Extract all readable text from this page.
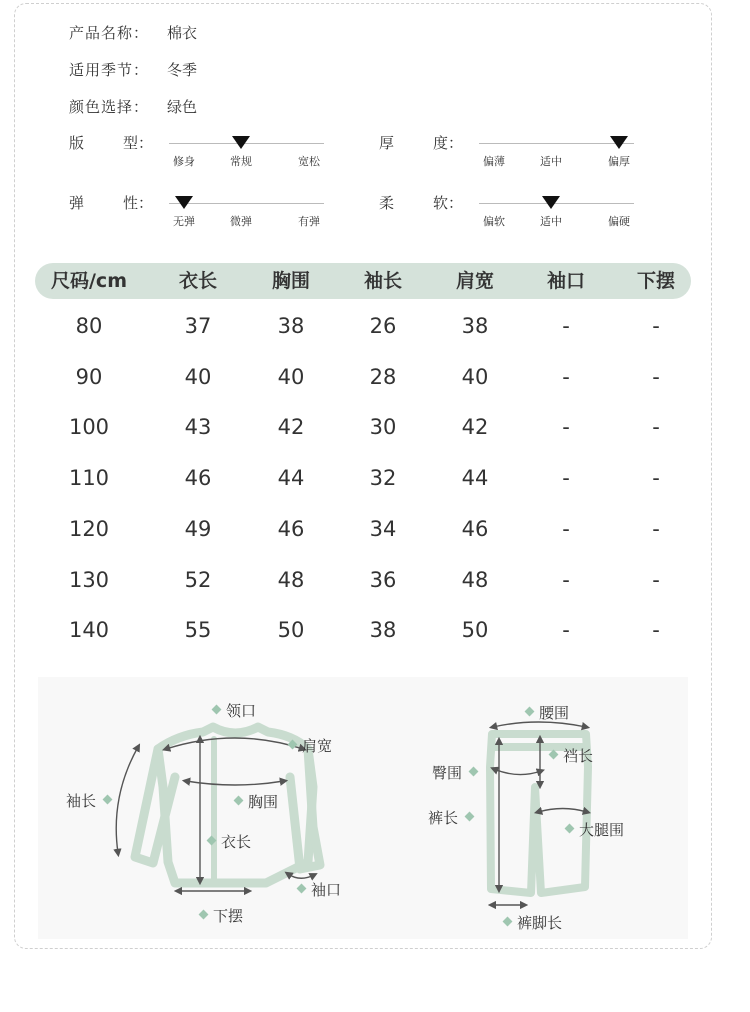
产品名称： 棉衣
适用季节： 冬季
颜色选择： 绿色
版	型：
修身	常规	宽松
厚	度：
偏薄	适中	偏厚
弹	性：
无弹	微弹	有弹
柔	软：
偏软	适中	偏硬
领口
肩宽
袖长	胸围
衣长
袖口
下摆
腰围
裆长
臀围
裤长
大腿围
裤脚长
尺码/cm	衣长	胸围	袖长	肩宽	袖口	下摆
80	37	38	26	38	-	-
90	40	40	28	40	-	-
100	43	42	30	42	-	-
110	46	44	32	44	-	-
120	49	46	34	46	-	-
130	52	48	36	48	-	-
140	55	50	38	50	-	-
